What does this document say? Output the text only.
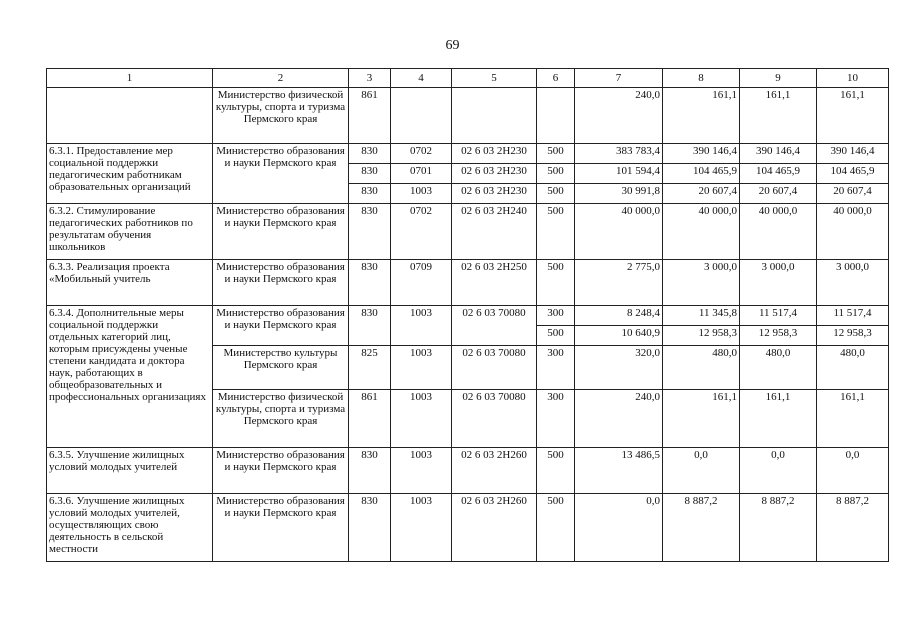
69
1	2	3	4	5	6	7	8	9	10
	Министерство физической культуры, спорта и туризма Пермского края	861				240,0	161,1	161,1	161,1
6.3.1. Предоставление мер социальной поддержки педагогическим работникам образовательных организаций	Министерство образования и науки Пермского края	830	0702	02 6 03 2Н230	500	383 783,4	390 146,4	390 146,4	390 146,4
		830	0701	02 6 03 2Н230	500	101 594,4	104 465,9	104 465,9	104 465,9
		830	1003	02 6 03 2Н230	500	30 991,8	20 607,4	20 607,4	20 607,4
6.3.2. Стимулирование педагогических работников по результатам обучения школьников	Министерство образования и науки Пермского края	830	0702	02 6 03 2Н240	500	40 000,0	40 000,0	40 000,0	40 000,0
6.3.3. Реализация проекта «Мобильный учитель	Министерство образования и науки Пермского края	830	0709	02 6 03 2Н250	500	2 775,0	3 000,0	3 000,0	3 000,0
6.3.4. Дополнительные меры социальной поддержки отдельных категорий лиц, которым присуждены ученые степени кандидата и доктора наук, работающих в общеобразовательных и профессиональных организациях	Министерство образования и науки Пермского края	830	1003	02 6 03 70080	300	8 248,4	11 345,8	11 517,4	11 517,4
					500	10 640,9	12 958,3	12 958,3	12 958,3
	Министерство культуры Пермского края	825	1003	02 6 03 70080	300	320,0	480,0	480,0	480,0
	Министерство физической культуры, спорта и туризма Пермского края	861	1003	02 6 03 70080	300	240,0	161,1	161,1	161,1
6.3.5. Улучшение жилищных условий молодых учителей	Министерство образования и науки Пермского края	830	1003	02 6 03 2Н260	500	13 486,5	0,0	0,0	0,0
6.3.6. Улучшение жилищных условий молодых учителей, осуществляющих свою деятельность в сельской местности	Министерство образования и науки Пермского края	830	1003	02 6 03 2Н260	500	0,0	8 887,2	8 887,2	8 887,2
